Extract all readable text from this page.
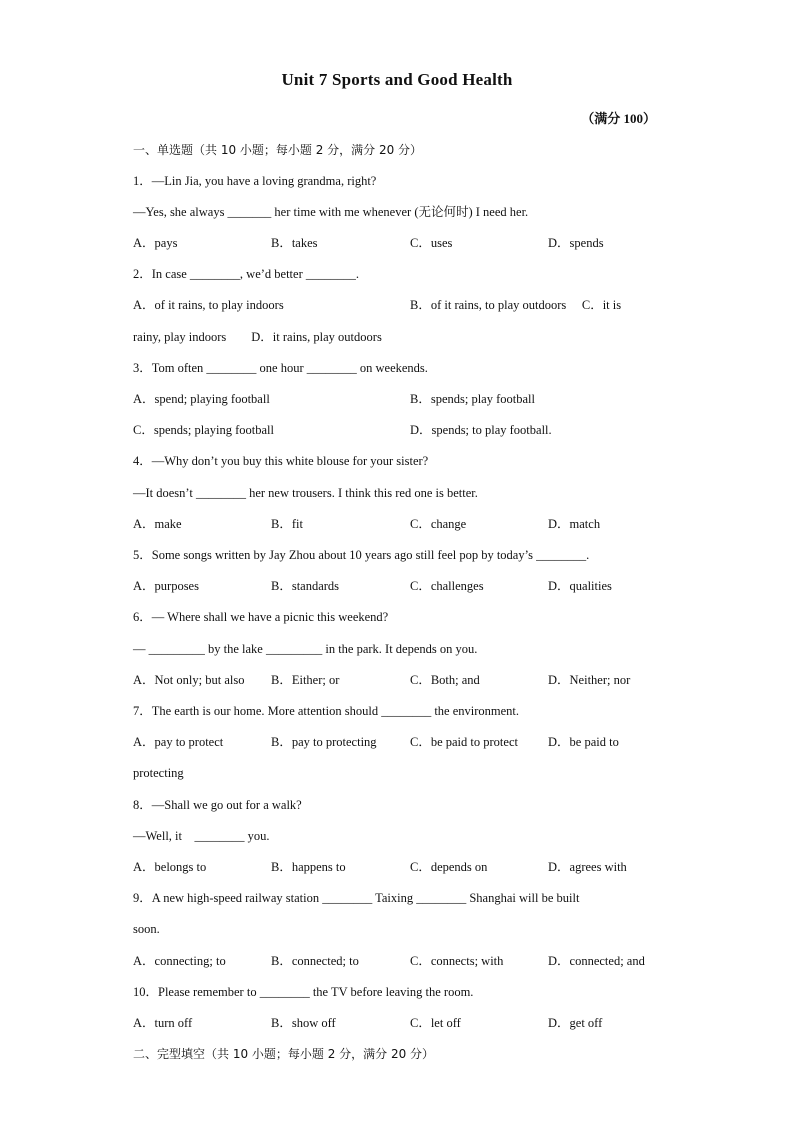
Unit 7 Sports and Good Health
（满分 100）
一、单选题（共 10 小题；每小题 2 分，满分 20 分）
1．—Lin Jia, you have a loving grandma, right?
—Yes, she always _______ her time with me whenever (无论何时) I need her.
A．pays	B．takes	C．uses	D．spends
2．In case ________, we’d better ________.
A．of it rains, to play indoors	B．of it rains, to play outdoors　 C．it is
rainy, play indoors　　D．it rains, play outdoors
3．Tom often ________ one hour ________ on weekends.
A．spend; playing football	B．spends; play football
C．spends; playing football	D．spends; to play football.
4．—Why don’t you buy this white blouse for your sister?
—It doesn’t ________ her new trousers. I think this red one is better.
A．make	B．fit	C．change	D．match
5．Some songs written by Jay Zhou about 10 years ago still feel pop by today’s ________.
A．purposes	B．standards	C．challenges	D．qualities
6．— Where shall we have a picnic this weekend?
— _________ by the lake _________ in the park. It depends on you.
A．Not only; but also B．Either; or	C．Both; and	D．Neither; nor
7．The earth is our home. More attention should ________ the environment.
A．pay to protect	B．pay to protecting	C．be paid to protect D．be paid to
protecting
8．—Shall we go out for a walk?
—Well, it　________ you.
A．belongs to	B．happens to	C．depends on	D．agrees with
9．A new high-speed railway station ________ Taixing ________ Shanghai will be built
soon.
A．connecting; to	B．connected; to	C．connects; with	D．connected; and
10．Please remember to ________ the TV before leaving the room.
A．turn off	B．show off	C．let off	D．get off
二、完型填空（共 10 小题；每小题 2 分，满分 20 分）
